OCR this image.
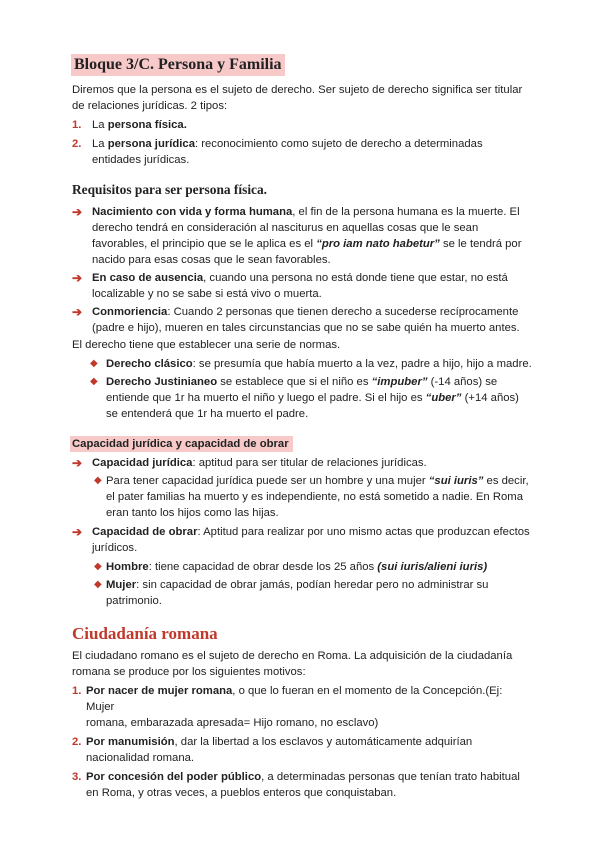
Bloque 3/C. Persona y Familia

Diremos que la persona es el sujeto de derecho. Ser sujeto de derecho significa ser titular

de relaciones jurídicas. 2 tipos:

1. La persona física.
2. La persona jurídica: reconocimiento como sujeto de derecho a determinadas

entidades jurídicas.

Requisitos para ser persona física.
➔ Nacimiento con vida y forma humana, el fin de la persona humana es la muerte. El

derecho tendrá en consideración al nasciturus en aquellas cosas que le sean

favorables, el principio que se le aplica es el “pro iam nato habetur” se le tendrá por

nacido para esas cosas que le sean favorables.

➔ En caso de ausencia, cuando una persona no está donde tiene que estar, no está

localizable y no se sabe si está vivo o muerta.

➔ Conmoriencia: Cuando 2 personas que tienen derecho a sucederse recíprocamente

(padre e hijo), mueren en tales circunstancias que no se sabe quién ha muerto antes.

El derecho tiene que establecer una serie de normas.

◆ Derecho clásico: se presumía que había muerto a la vez, padre a hijo, hijo a madre.

◆ Derecho Justinianeo se establece que si el niño es “impuber” (-14 años) se

entiende que 1r ha muerto el niño y luego el padre. Si el hijo es “uber” (+14 años)

se entenderá que 1r ha muerto el padre.

Capacidad jurídica y capacidad de obrar
➔ Capacidad jurídica: aptitud para ser titular de relaciones jurídicas.

◆ Para tener capacidad jurídica puede ser un hombre y una mujer “sui iuris” es decir,

el pater familias ha muerto y es independiente, no está sometido a nadie. En Roma

eran tanto los hijos como las hijas.

➔ Capacidad de obrar: Aptitud para realizar por uno mismo actas que produzcan efectos

jurídicos.

◆ Hombre: tiene capacidad de obrar desde los 25 años (sui iuris/alieni iuris)

◆ Mujer: sin capacidad de obrar jamás, podían heredar pero no administrar su

patrimonio.

Ciudadanía romana

El ciudadano romano es el sujeto de derecho en Roma. La adquisición de la ciudadanía

romana se produce por los siguientes motivos:

1. Por nacer de mujer romana, o que lo fueran en el momento de la Concepción.(Ej: Mujer

romana, embarazada apresada= Hijo romano, no esclavo)

2. Por manumisión, dar la libertad a los esclavos y automáticamente adquirían

nacionalidad romana.

3. Por concesión del poder público, a determinadas personas que tenían trato habitual

en Roma, y otras veces, a pueblos enteros que conquistaban.
